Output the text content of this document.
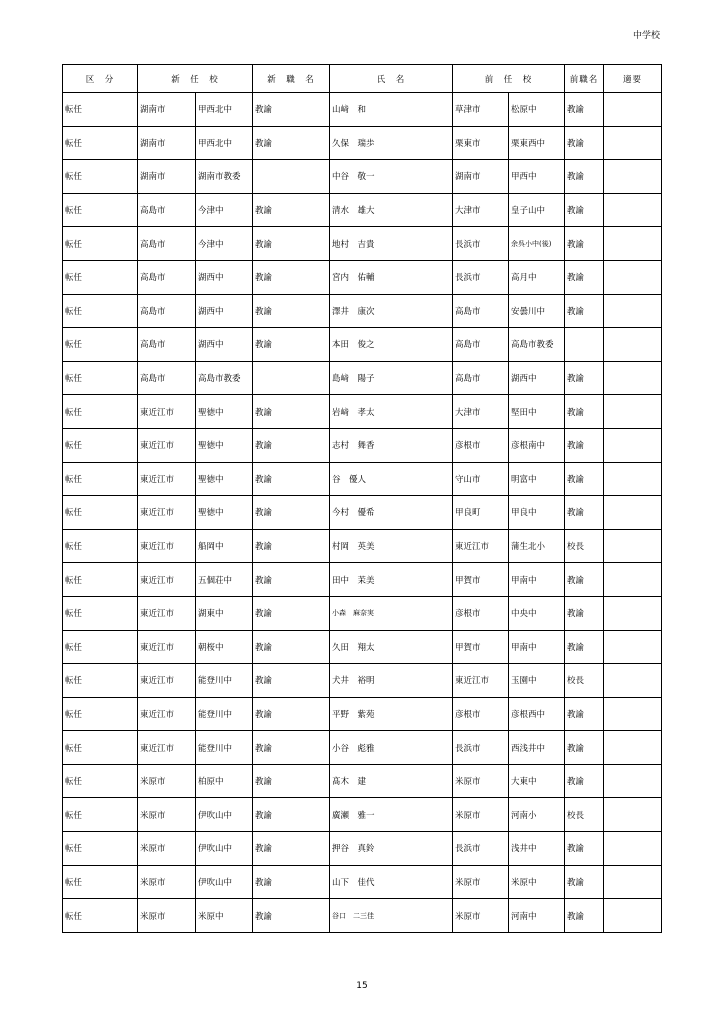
中学校
区　分	新　任　校		新　職　名	氏　名	前　任　校		前職名	適要
転任	湖南市	甲西北中	教諭	山﨑　和	草津市	松原中	教諭	
転任	湖南市	甲西北中	教諭	久保　瑞歩	栗東市	栗東西中	教諭	
転任	湖南市	湖南市教委		中谷　敬一	湖南市	甲西中	教諭	
転任	高島市	今津中	教諭	清水　雄大	大津市	皇子山中	教諭	
転任	高島市	今津中	教諭	地村　吉貴	長浜市	余呉小中(後)	教諭	
転任	高島市	湖西中	教諭	宮内　佑輔	長浜市	高月中	教諭	
転任	高島市	湖西中	教諭	澤井　康次	高島市	安曇川中	教諭	
転任	高島市	湖西中	教諭	本田　俊之	高島市	高島市教委		
転任	高島市	高島市教委		島﨑　陽子	高島市	湖西中	教諭	
転任	東近江市	聖徳中	教諭	岩﨑　孝太	大津市	堅田中	教諭	
転任	東近江市	聖徳中	教諭	志村　舞香	彦根市	彦根南中	教諭	
転任	東近江市	聖徳中	教諭	谷　優人	守山市	明富中	教諭	
転任	東近江市	聖徳中	教諭	今村　優希	甲良町	甲良中	教諭	
転任	東近江市	船岡中	教諭	村岡　英美	東近江市	蒲生北小	校長	
転任	東近江市	五個荘中	教諭	田中　茉美	甲賀市	甲南中	教諭	
転任	東近江市	湖東中	教諭	小森　麻奈実	彦根市	中央中	教諭	
転任	東近江市	朝桜中	教諭	久田　翔太	甲賀市	甲南中	教諭	
転任	東近江市	能登川中	教諭	犬井　裕明	東近江市	玉園中	校長	
転任	東近江市	能登川中	教諭	平野　紫苑	彦根市	彦根西中	教諭	
転任	東近江市	能登川中	教諭	小谷　彪雅	長浜市	西浅井中	教諭	
転任	米原市	柏原中	教諭	髙木　建	米原市	大東中	教諭	
転任	米原市	伊吹山中	教諭	廣瀬　雅一	米原市	河南小	校長	
転任	米原市	伊吹山中	教諭	押谷　真鈴	長浜市	浅井中	教諭	
転任	米原市	伊吹山中	教諭	山下　佳代	米原市	米原中	教諭	
転任	米原市	米原中	教諭	谷口　二三佳	米原市	河南中	教諭	
15
